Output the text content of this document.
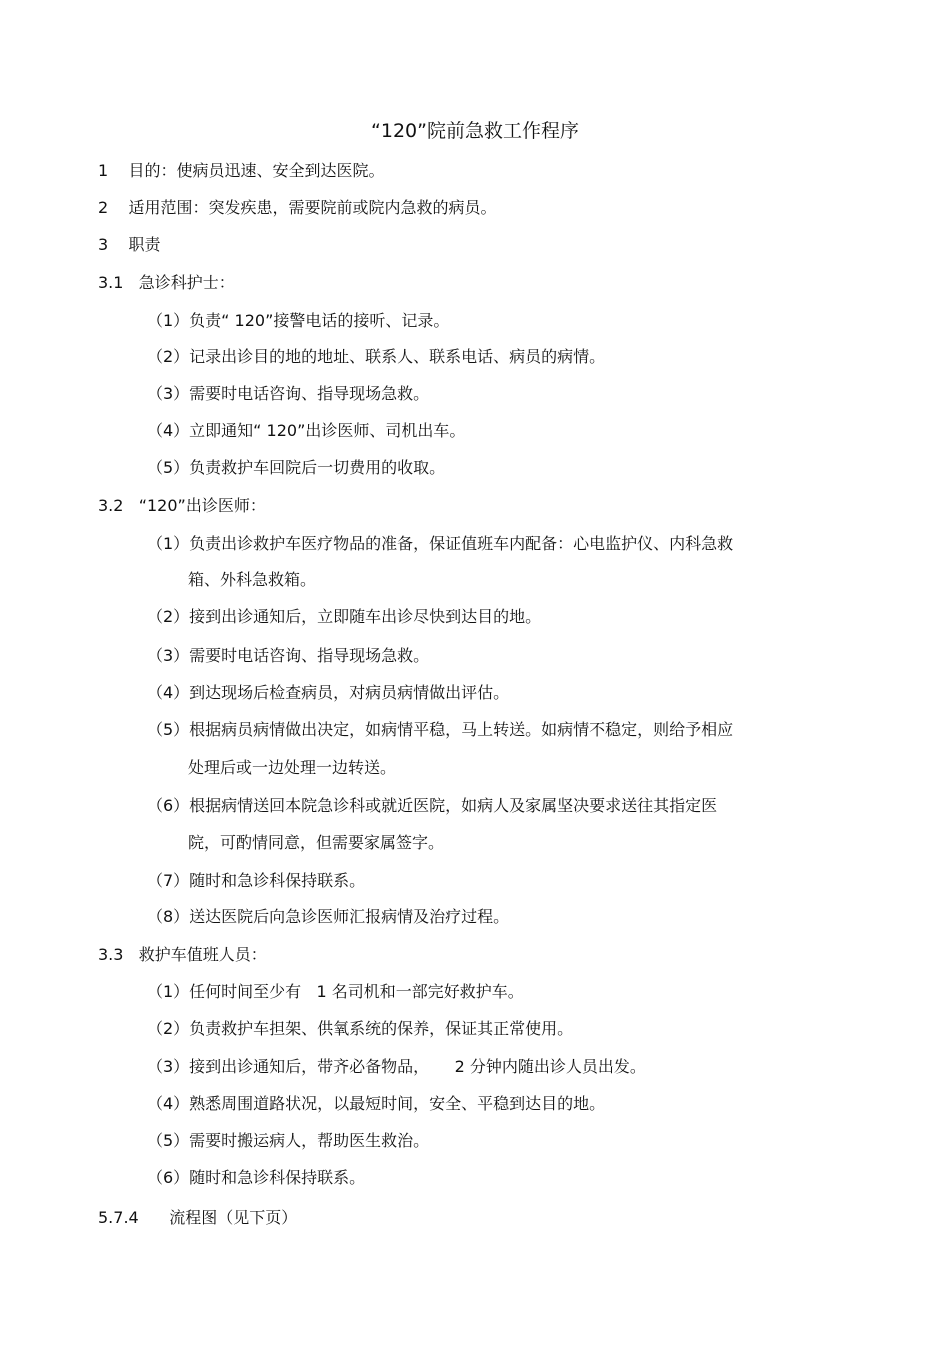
“120”院前急救工作程序
1    目的：使病员迅速、安全到达医院。
2    适用范围：突发疾患，需要院前或院内急救的病员。
3    职责
3.1   急诊科护士：
（1）负责“ 120”接警电话的接听、记录。
（2）记录出诊目的地的地址、联系人、联系电话、病员的病情。
（3）需要时电话咨询、指导现场急救。
（4）立即通知“ 120”出诊医师、司机出车。
（5）负责救护车回院后一切费用的收取。
3.2   “120”出诊医师：
（1）负责出诊救护车医疗物品的准备，保证值班车内配备：心电监护仪、内科急救
箱、外科急救箱。
（2）接到出诊通知后，立即随车出诊尽快到达目的地。
（3）需要时电话咨询、指导现场急救。
（4）到达现场后检查病员，对病员病情做出评估。
（5）根据病员病情做出决定，如病情平稳，马上转送。如病情不稳定，则给予相应
处理后或一边处理一边转送。
（6）根据病情送回本院急诊科或就近医院，如病人及家属坚决要求送往其指定医
院，可酌情同意，但需要家属签字。
（7）随时和急诊科保持联系。
（8）送达医院后向急诊医师汇报病情及治疗过程。
3.3   救护车值班人员：
（1）任何时间至少有   1 名司机和一部完好救护车。
（2）负责救护车担架、供氧系统的保养，保证其正常使用。
（3）接到出诊通知后，带齐必备物品，     2 分钟内随出诊人员出发。
（4）熟悉周围道路状况，以最短时间，安全、平稳到达目的地。
（5）需要时搬运病人，帮助医生救治。
（6）随时和急诊科保持联系。
5.7.4      流程图（见下页）
